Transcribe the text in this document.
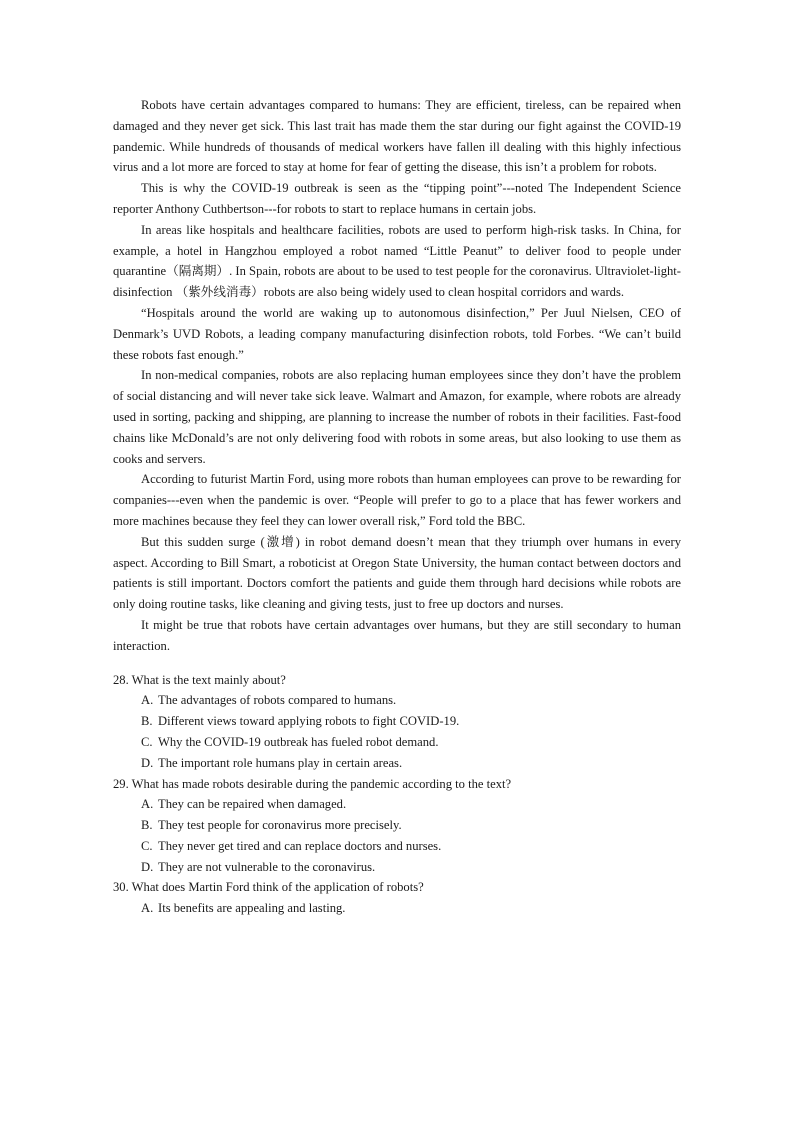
Robots have certain advantages compared to humans: They are efficient, tireless, can be repaired when damaged and they never get sick. This last trait has made them the star during our fight against the COVID-19 pandemic. While hundreds of thousands of medical workers have fallen ill dealing with this highly infectious virus and a lot more are forced to stay at home for fear of getting the disease, this isn’t a problem for robots.

This is why the COVID-19 outbreak is seen as the “tipping point”---noted The Independent Science reporter Anthony Cuthbertson---for robots to start to replace humans in certain jobs.

In areas like hospitals and healthcare facilities, robots are used to perform high-risk tasks. In China, for example, a hotel in Hangzhou employed a robot named “Little Peanut” to deliver food to people under quarantine（隔离期）. In Spain, robots are about to be used to test people for the coronavirus. Ultraviolet-light-disinfection （紫外线消毒）robots are also being widely used to clean hospital corridors and wards.

“Hospitals around the world are waking up to autonomous disinfection,” Per Juul Nielsen, CEO of Denmark’s UVD Robots, a leading company manufacturing disinfection robots, told Forbes. “We can’t build these robots fast enough.”

In non-medical companies, robots are also replacing human employees since they don’t have the problem of social distancing and will never take sick leave. Walmart and Amazon, for example, where robots are already used in sorting, packing and shipping, are planning to increase the number of robots in their facilities. Fast-food chains like McDonald’s are not only delivering food with robots in some areas, but also looking to use them as cooks and servers.

According to futurist Martin Ford, using more robots than human employees can prove to be rewarding for companies---even when the pandemic is over. “People will prefer to go to a place that has fewer workers and more machines because they feel they can lower overall risk,” Ford told the BBC.

But this sudden surge (激增) in robot demand doesn’t mean that they triumph over humans in every aspect. According to Bill Smart, a roboticist at Oregon State University, the human contact between doctors and patients is still important. Doctors comfort the patients and guide them through hard decisions while robots are only doing routine tasks, like cleaning and giving tests, just to free up doctors and nurses.

It might be true that robots have certain advantages over humans, but they are still secondary to human interaction.

28. What is the text mainly about?

A. The advantages of robots compared to humans.

B. Different views toward applying robots to fight COVID-19.

C. Why the COVID-19 outbreak has fueled robot demand.

D. The important role humans play in certain areas.

29. What has made robots desirable during the pandemic according to the text?

A. They can be repaired when damaged.

B. They test people for coronavirus more precisely.

C. They never get tired and can replace doctors and nurses.

D. They are not vulnerable to the coronavirus.

30. What does Martin Ford think of the application of robots?

A. Its benefits are appealing and lasting.
